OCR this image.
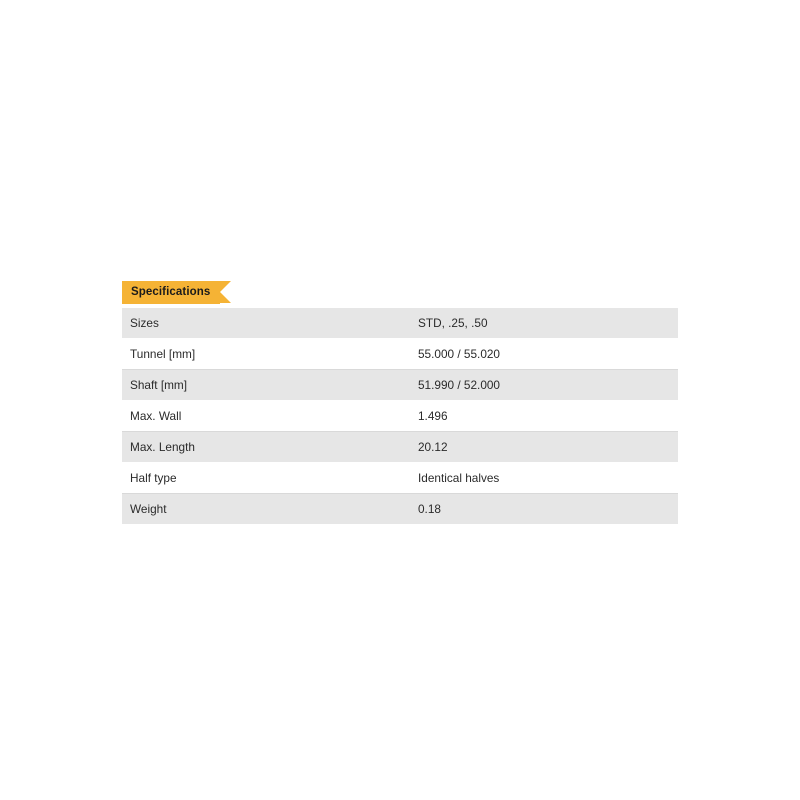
Specifications
Sizes	STD, .25, .50
Tunnel [mm]	55.000 / 55.020
Shaft [mm]	51.990 / 52.000
Max. Wall	1.496
Max. Length	20.12
Half type	Identical halves
Weight	0.18
